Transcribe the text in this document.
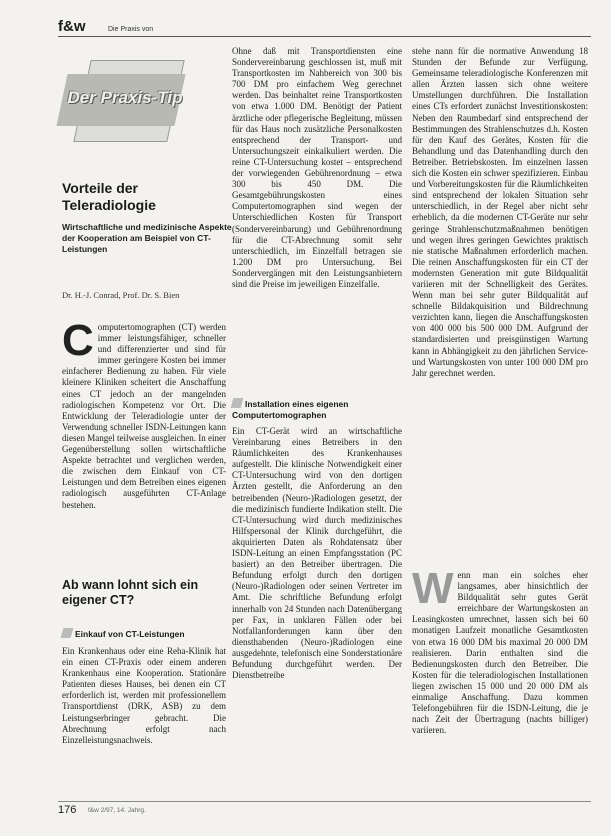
f&w	Die Praxis von
Der Praxis-Tip
Vorteile der Teleradiologie
Wirtschaftliche und medizinische Aspekte der Kooperation am Beispiel von CT-Leistungen
Dr. H.-J. Conrad, Prof. Dr. S. Bien
Computertomographen (CT) werden immer leistungsfähiger, schneller und differenzierter und sind für immer geringere Kosten bei immer einfacherer Bedienung zu haben. Für viele kleinere Kliniken scheitert die Anschaffung eines CT jedoch an der mangelnden radiologischen Kompetenz vor Ort. Die Entwicklung der Teleradiologie unter der Verwendung schneller ISDN-Leitungen kann diesen Mangel teilweise ausgleichen. In einer Gegenüberstellung sollen wirtschaftliche Aspekte betrachtet und verglichen werden, die zwischen dem Einkauf von CT-Leistungen und dem Betreiben eines eigenen radiologisch ausgeführten CT-Anlage bestehen.
Ab wann lohnt sich ein eigener CT?
Einkauf von CT-Leistungen
Ein Krankenhaus oder eine Reha-Klinik hat ein einen CT-Praxis oder einem anderen Krankenhaus eine Kooperation. Stationäre Patienten dieses Hauses, bei denen ein CT erforderlich ist, werden mit professionellem Transportdienst (DRK, ASB) zu dem Leistungserbringer gebracht. Die Abrechnung erfolgt nach Einzelleistungsnachweis.
Ohne daß mit Transportdiensten eine Sondervereinbarung geschlossen ist, muß mit Transportkosten im Nahbereich von 300 bis 700 DM pro einfachem Weg gerechnet werden. Das beinhaltet reine Transportkosten von etwa 1.000 DM. Benötigt der Patient ärztliche oder pflegerische Begleitung, müssen für das Haus noch zusätzliche Personalkosten entsprechend der Transport- und Untersuchungszeit einkalkuliert werden. Die reine CT-Untersuchung kostet – entsprechend der vorwiegenden Gebührenordnung – etwa 300 bis 450 DM. Die Gesamtgebührungskosten eines Computertomographen sind wegen der Unterschiedlichen Kosten für Transport (Sondervereinbarung) und Gebührenordnung für die CT-Abrechnung somit sehr unterschiedlich, im Einzelfall betragen sie 1.200 DM pro Untersuchung. Bei Sondervergängen mit den Leistungsanbietern sind die Preise im jeweiligen Einzelfalle.
Installation eines eigenen Computertomographen
Ein CT-Gerät wird an wirtschaftliche Vereinbarung eines Betreibers in den Räumlichkeiten des Krankenhauses aufgestellt. Die klinische Notwendigkeit einer CT-Untersuchung wird von den dortigen Ärzten gestellt, die Anforderung an den betreibenden (Neuro-)Radiologen gesetzt, der die medizinisch fundierte Indikation stellt. Die CT-Untersuchung wird durch medizinisches Hilfspersonal der Klinik durchgeführt, die akquirierten Daten als Rohdatensatz über ISDN-Leitung an einen Empfangsstation (PC basiert) an den Betreiber übertragen. Die Befundung erfolgt durch den dortigen (Neuro-)Radiologen oder seinen Vertreter im Amt. Die schriftliche Befundung erfolgt innerhalb von 24 Stunden nach Datenübergang per Fax, in unklaren Fällen oder bei Notfallanforderungen kann über den diensthabenden (Neuro-)Radiologen eine ausgedehnte, telefonisch eine Sonderstationäre Befundung durchgeführt werden. Der Dienstbetreibe
stehe nann für die normative Anwendung 18 Stunden der Befunde zur Verfügung. Gemeinsame teleradiologische Konferenzen mit allen Ärzten lassen sich ohne weitere Umstellungen durchführen. Die Installation eines CTs erfordert zunächst Investitionskosten: Neben den Raumbedarf sind entsprechend der Bestimmungen des Strahlenschutzes d.h. Kosten für den Kauf des Gerätes, Kosten für die Behandlung und das Datenhandling durch den Betreiber. Betriebskosten. Im einzelnen lassen sich die Kosten ein schwer spezifizieren. Einbau und Vorbereitungskosten für die Räumlichkeiten sind entsprechend der lokalen Situation sehr unterschiedlich, in der Regel aber nicht sehr erheblich, da die modernen CT-Geräte nur sehr geringe Strahlenschutzmaßnahmen benötigen und wegen ihres geringen Gewichtes praktisch nie statische Maßnahmen erforderlich machen. Die reinen Anschaffungskosten für ein CT der modernsten Generation mit gute Bildqualität variieren mit der Schnelligkeit des Gerätes. Wenn man bei sehr guter Bildqualität auf schnelle Bildakquisition und Bildrechnung verzichten kann, liegen die Anschaffungskosten von 400 000 bis 500 000 DM. Aufgrund der standardisierten und preisgünstigen Wartung kann in Abhängigkeit zu den jährlichen Service- und Wartungskosten von unter 100 000 DM pro Jahr gerechnet werden.
Wenn man ein solches eher langsames, aber hinsichtlich der Bildqualität sehr gutes Gerät erreichbare der Wartungskosten an Leasingkosten umrechnet, lassen sich bei 60 monatigen Laufzeit monatliche Gesamtkosten von etwa 16 000 DM bis maximal 20 000 DM realisieren. Darin enthalten sind die Bedienungskosten durch den Betreiber. Die Kosten für die teleradiologischen Installationen liegen zwischen 15 000 und 20 000 DM als einmalige Anschaffung. Dazu kommen Telefongebühren für die ISDN-Leitung, die je nach Zeit der Übertragung (nachts billiger) variieren.
176 f&w 2/97, 14. Jahrg.
